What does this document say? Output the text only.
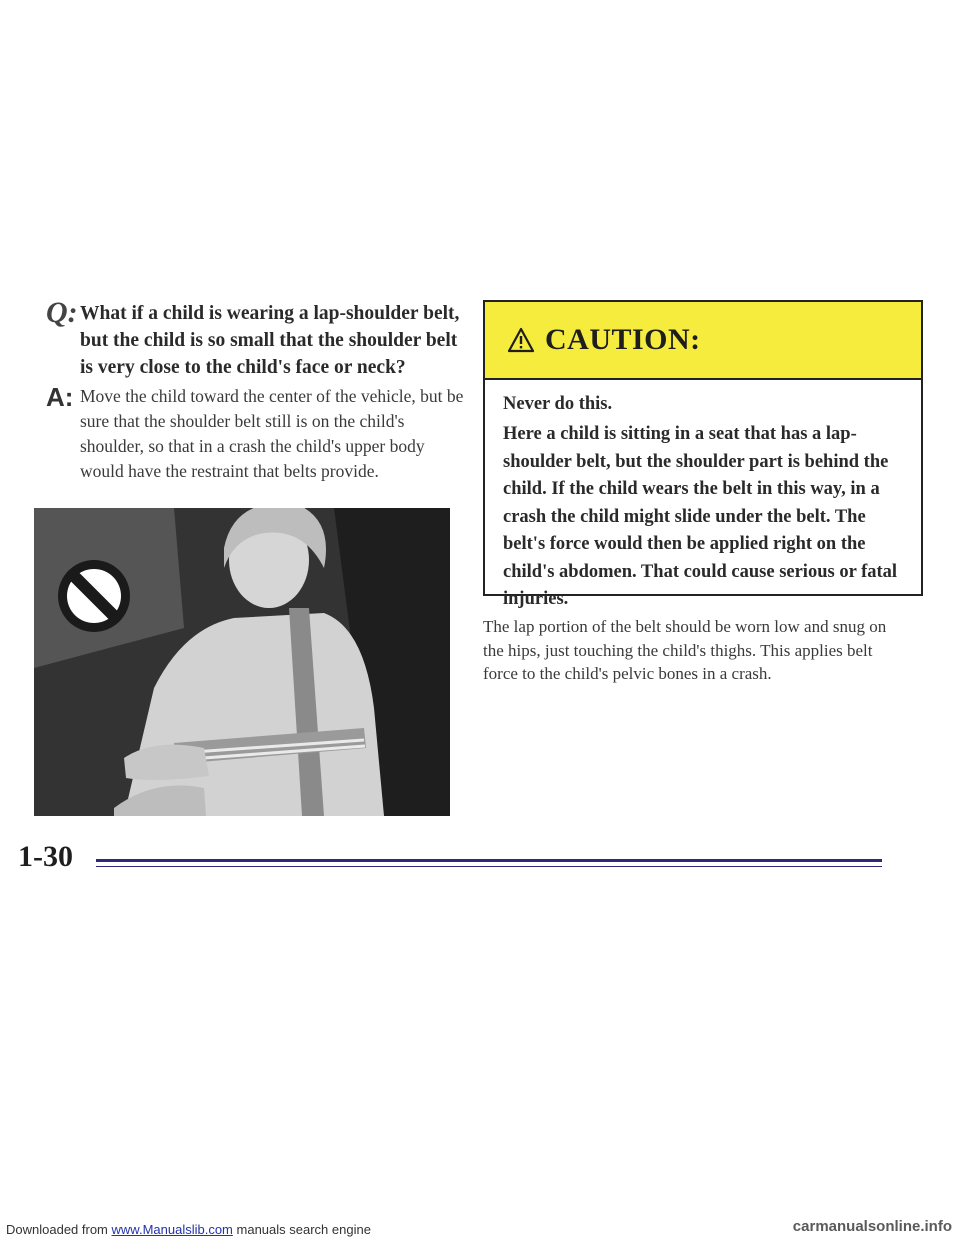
Q: What if a child is wearing a lap-shoulder belt, but the child is so small that the shoulder belt is very close to the child's face or neck?
A: Move the child toward the center of the vehicle, but be sure that the shoulder belt still is on the child's shoulder, so that in a crash the child's upper body would have the restraint that belts provide.
CAUTION:

Never do this.

Here a child is sitting in a seat that has a lap-shoulder belt, but the shoulder part is behind the child. If the child wears the belt in this way, in a crash the child might slide under the belt. The belt's force would then be applied right on the child's abdomen. That could cause serious or fatal injuries.

The lap portion of the belt should be worn low and snug on the hips, just touching the child's thighs. This applies belt force to the child's pelvic bones in a crash.

1-30
Downloaded from www.Manualslib.com manuals search engine	carmanualsonline.info
